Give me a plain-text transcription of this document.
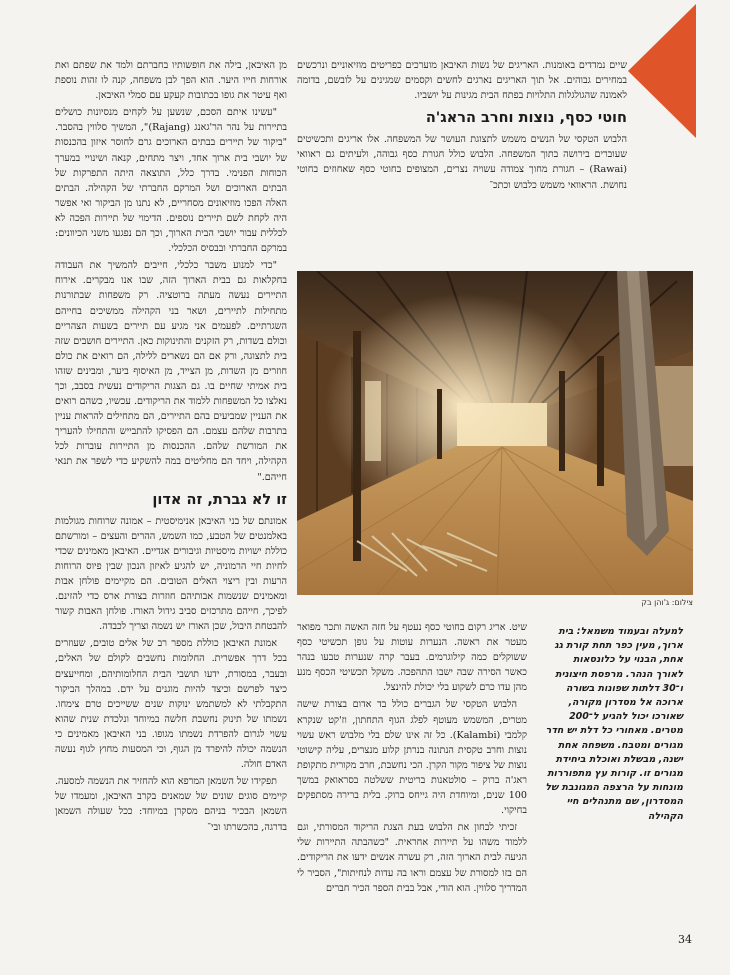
שיים נמדדים באומנות. האריגים של נשות האיבאן מוערכים כפריטים מוזיאוניים ונרכשים במחירים גבוהים. אל תוך האריגים נארגים לחשים וקסמים שמגינים על לובשם, בדומה לאמונה שהגולגלות התלויות בפתח הבית מגינות על יושביו.

חוטי כסף, נוצות וחרב הראג'ה

הלבוש הטקסי של הנשים משמש לתצוגת העושר של המשפחה. אלו אריגים ותכשיטים שעוברים בירושה בתוך המשפחה. הלבוש כולל חגורת כסף גבוהה, ולעיתים גם ראוואי (Rawai) – חגורת מחוך צמודה עשויה נצרים, המצופים בחוטי כסף שאחוזים בחוטי נחושת. הראוואי משמש כלבוש וכתכ־

מן האיבאן, בילה את חופשותיו בחברתם ולמד את שפתם ואת אורחות חייו היער. הוא הפך לבן משפחה, קנה לו זהות נוספת ואף עיטר את גופו בכתובות קעקע עם סמלי האיבאן.

"עשינו איתם הסכם, שנשען על לקחים מנסיונות כושלים בתיירות על נהר הר'גאנג (Rajang)", המשיך סלווין בהסבר. "ביקור של תיירים בבתים הארוכים גרם לחוסר איזון בהכנסות של יושבי בית ארוך אחד, ויצר מתחים, קנאה ושינויי במערך הכוחות הפנימי. בדרך כלל, התוצאה היתה התפרקות של הבתים הארוכים ושל המרקם החברתי של הקהילה. הבתים האלה הפכו מוזיאונים מסחריים, לא נתנו מן הביקור ואי אפשר היה לקחת לשם תיירים נוספים. הדימוי של תיירות הפכה לא לכללית עבור יושבי הבית הארוך, וכך הם נפגעו משני הכיוונים: במרקם החברתי ובבסיס הכלכלי.

"כדי למנוע משבר כלכלי, חייבים להמשיך את העבודה בחקלאות גם בבית הארוך הזה, שבו אנו מבקרים. אירוח התיירים נעשה מעתה ברוטציה. רק משפחות שבתורנות מתחילות לתיירים, ושאר בני הקהילה ממשיכים בחייהם השגרתיים. לפעמים אני מגיע עם תיירים בשעות הצהריים וכולם בשדות, רק הזקנים והתינוקות כאן. התיירים חושבים שזה בית לתצוגה, ורק אם הם נשארים ללילה, הם רואים את כולם חוזרים מן השדות, מן הצייד, מן האיסוף ביער, ומבינים שזהו בית אמיתי שחיים בו. גם הצגות הריקודים נעשית בסבב, וכך נאלצו כל המשפחות ללמוד את הריקודים. עכשיו, כשהם רואים את העניין שמביעים בהם התיירים, הם מתחילים להראות עניין בתרבות שלהם עצמם. הם הפסיקו להתבייש והתחילו להעריך את המורשת שלהם. ההכנסות מן התיירות עוברות לכל הקהילה, ויחד הם מחליטים במה להשקיע כדי לשפר את תנאי חייהם."

זו לא גברת, זה אדון

אמונתם של בני האיבאן אנימיסטית – אמונה שרוחות מגולמות באלמנטים של הטבע, כמו השמש, ההרים והעצים – ומורשתם כוללת ישויות מיסטיות וגיבורים אגדיים. האיבאן מאמינים שכדי לחיות חיי הרמוניה, יש להגיע לאיזון הנכון שבין פיוס הרוחות הרעות ובין ריצוי האלים הטובים. הם מקיימים פולחן אבות ומאמינים שנשמות אבותיהם חוזרות בצורת ארס כדי להזינם. לפיכך, חייהם מתרכזים סביב גידול האורז. פולחן האבות קשור להבטחת היבול, שכן האורז יש נשמה וצריך לכבדה.

אמונת האיבאן כוללת מספר רב של אלים טובים, שעוזרים בכל דרך אפשרית. החלומות נחשבים לקולם של האלים, ובעבר, במסורת, ידעו תושבי הבית החלומותיהם, ומחייעצים כיצד לפרשם וכיצד להיות מוגנים על ידם. במהלך הביקור התקבלתי לא למשתמש ינוקות שנים ששייכים טרם צימחו. נשמתו של תינוק נחשבת חלשה במיוחד ונלכדת שנית שהוא עשוי לגרום להפרדת נשמתו מגופו. בני האיבאן מאמינים כי הנשמה יכולה להיפרד מן הגוף, וכי המסעות מחוץ לגוף נעשה האדם חולה.

תפקידו של השמאן המרפא הוא להחזיר את הנשמה למסעה. קיימים סוגים שונים של שמאנים בקרב האיבאן, ומעמדו של השמאן הבכיר בניהם מסקרן במיוחד: ככל שעולה השמאן בדרגה, בהכשרתו ובי־

צילום: ג'והן בק

שיט. אריג רקום בחוטי כסף נעטף על חזה האשה ותכר מפואר מעטר את ראשה. הנערות עוטות על גופן תכשיטי כסף ששוקלים כמה קילוגרמים. בעבר קרה שנערות טבעו בנהר כאשר הסירה שבה ישבו התהפכה. משקל תכשיטי הכסף מנע מהן עדו כרם לשקוע בלי יכולת להינצל.

הלבוש הטקסי של הגברים כולל בד אדום בצורת שישה מטרים, המשמש מעוטף לפלג הגוף התחתון, וז'קט שנקרא קלמבי (Kalambi). כל זה אינו שלם בלי מלבוש ראש עשוי נוצות וחרב טקסית הנתונה בנרתן קלוע מנצרים, עליה קישוטי נוצות של ציפור מקור הקרן. הכי נחשבת, חרב מקורית מתקופת ראג'ה ברוק – סולטאנות בריטית ששלטה בסראואק במשך 100 שנים, ומיוחדת היה גייחס ברוק. בלית ברירה מסתפקים בחיקוי.

זכיתי לבחון את הלבוש בעת הצגת הריקוד המסורתי, וגם ללמוד משהו על תיירות אחראית. "כשהבתה התיירות שלי הגיעה לבית הארוך הזה, רק עשרה אנשים ידעו את הריקודים. הם בזו למסורת של עצמם וראו בה עדות לנחיתות", הסביר לי המדריך סלווין. הוא הודי, אבל בבית הספר הכיר חברים

למעלה ובעמוד משמאל: בית ארוך, מעין כפר תחת קורת גג אחת, הבנוי על כלונסאות לאורך הנהר. מרפסת חיצונית ו־30 דלתות שפונות בשורה ארוכה אל מסדרון מקורה, שאורכו יכול להגיע ל־200 מטרים. מאחורי כל דלת יש חדר מגורים ומטבח. משפחה אחת ישנה, מבשלת ואוכלת ביחידת מגורים זו. קורות עץ מתפוררות מונחות על הרצפה המגונבת של המסדרון, שם מתנהלים חיי הקהילה
34
